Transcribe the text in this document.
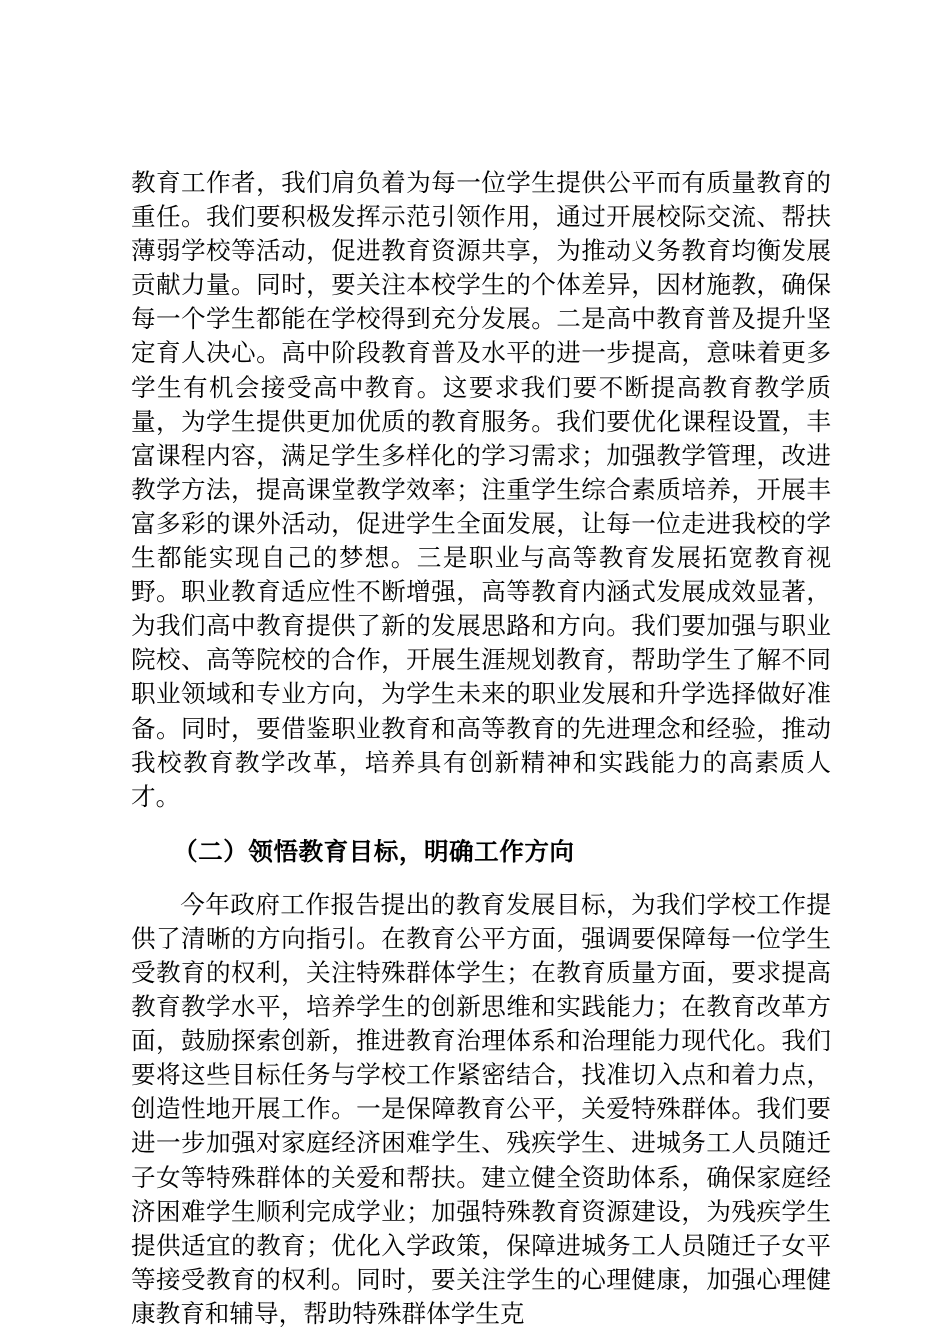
教育工作者，我们肩负着为每一位学生提供公平而有质量教育的重任。我们要积极发挥示范引领作用，通过开展校际交流、帮扶薄弱学校等活动，促进教育资源共享，为推动义务教育均衡发展贡献力量。同时，要关注本校学生的个体差异，因材施教，确保每一个学生都能在学校得到充分发展。二是高中教育普及提升坚定育人决心。高中阶段教育普及水平的进一步提高，意味着更多学生有机会接受高中教育。这要求我们要不断提高教育教学质量，为学生提供更加优质的教育服务。我们要优化课程设置，丰富课程内容，满足学生多样化的学习需求；加强教学管理，改进教学方法，提高课堂教学效率；注重学生综合素质培养，开展丰富多彩的课外活动，促进学生全面发展，让每一位走进我校的学生都能实现自己的梦想。三是职业与高等教育发展拓宽教育视野。职业教育适应性不断增强，高等教育内涵式发展成效显著，为我们高中教育提供了新的发展思路和方向。我们要加强与职业院校、高等院校的合作，开展生涯规划教育，帮助学生了解不同职业领域和专业方向，为学生未来的职业发展和升学选择做好准备。同时，要借鉴职业教育和高等教育的先进理念和经验，推动我校教育教学改革，培养具有创新精神和实践能力的高素质人才。

（二）领悟教育目标，明确工作方向

今年政府工作报告提出的教育发展目标，为我们学校工作提供了清晰的方向指引。在教育公平方面，强调要保障每一位学生受教育的权利，关注特殊群体学生；在教育质量方面，要求提高教育教学水平，培养学生的创新思维和实践能力；在教育改革方面，鼓励探索创新，推进教育治理体系和治理能力现代化。我们要将这些目标任务与学校工作紧密结合，找准切入点和着力点，创造性地开展工作。一是保障教育公平，关爱特殊群体。我们要进一步加强对家庭经济困难学生、残疾学生、进城务工人员随迁子女等特殊群体的关爱和帮扶。建立健全资助体系，确保家庭经济困难学生顺利完成学业；加强特殊教育资源建设，为残疾学生提供适宜的教育；优化入学政策，保障进城务工人员随迁子女平等接受教育的权利。同时，要关注学生的心理健康，加强心理健康教育和辅导，帮助特殊群体学生克
